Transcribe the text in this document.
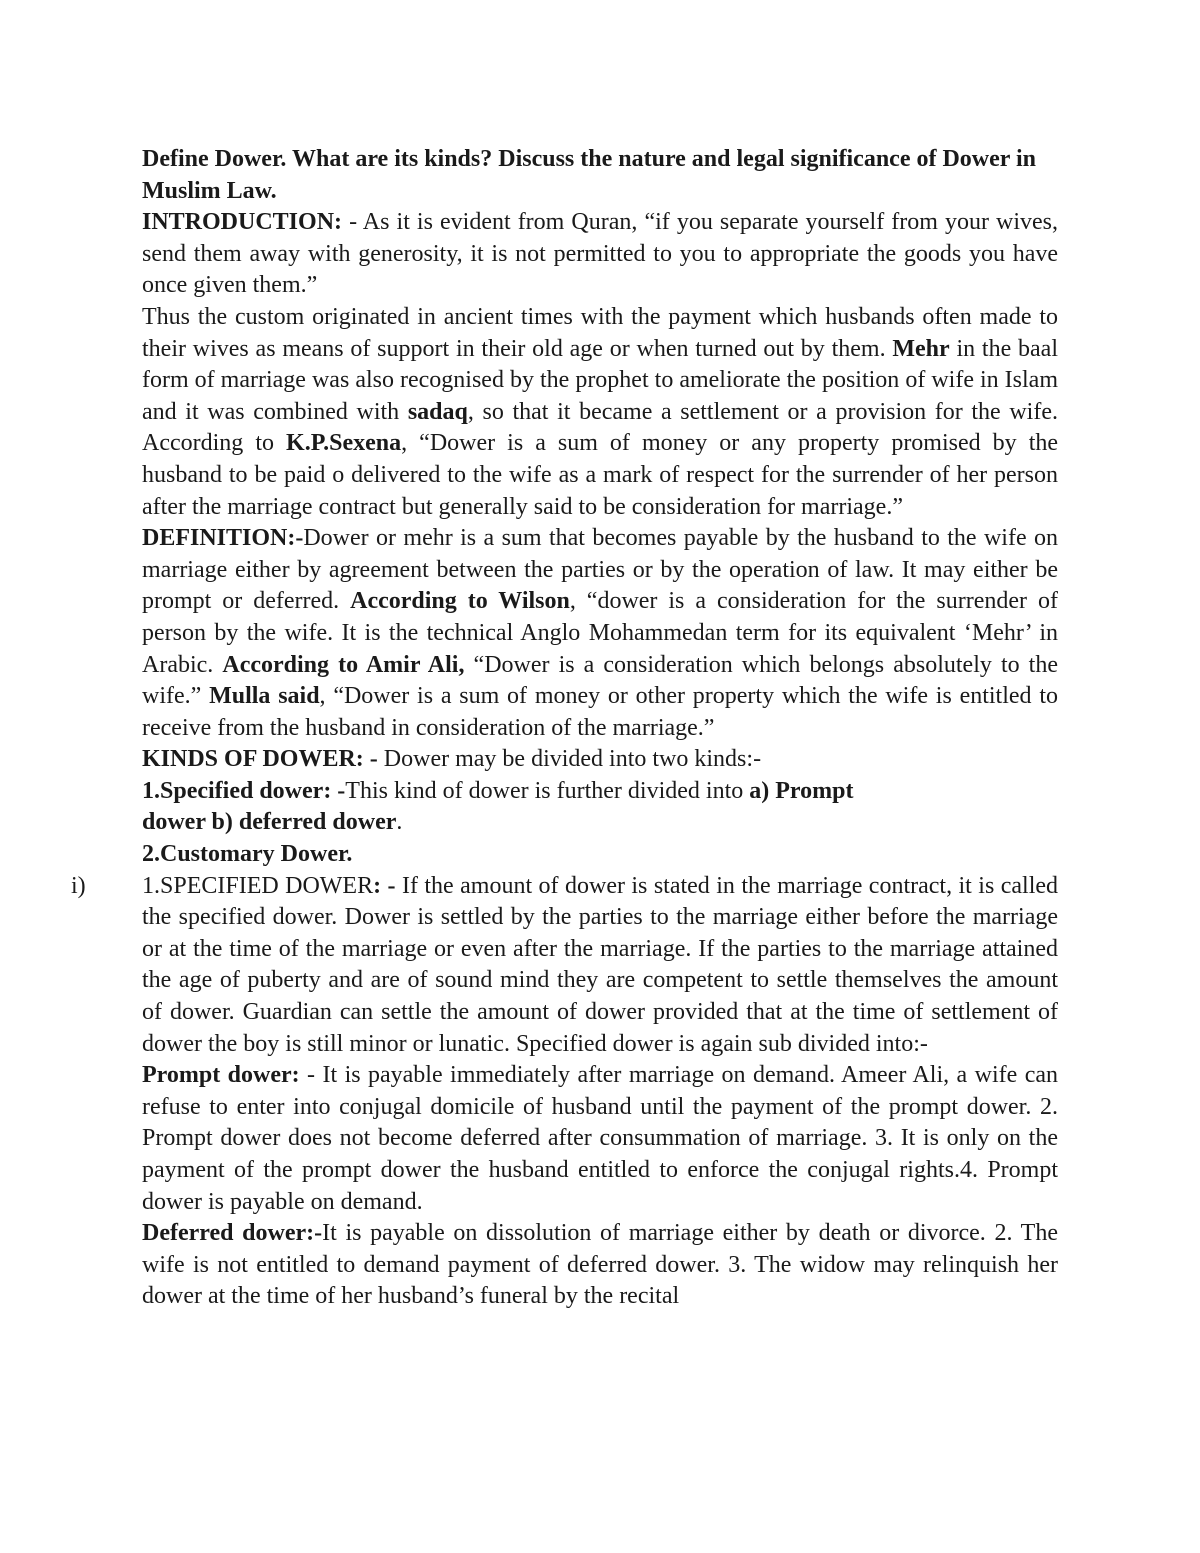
Define Dower. What are its kinds? Discuss the nature and legal significance of Dower in Muslim Law.

INTRODUCTION: - As it is evident from Quran, “if you separate yourself from your wives, send them away with generosity, it is not permitted to you to appropriate the goods you have once given them.”

Thus the custom originated in ancient times with the payment which husbands often made to their wives as means of support in their old age or when turned out by them. Mehr in the baal form of marriage was also recognised by the prophet to ameliorate the position of wife in Islam and it was combined with sadaq, so that it became a settlement or a provision for the wife. According to K.P.Sexena, “Dower is a sum of money or any property promised by the husband to be paid o delivered to the wife as a mark of respect for the surrender of her person after the marriage contract but generally said to be consideration for marriage.”

DEFINITION:-Dower or mehr is a sum that becomes payable by the husband to the wife on marriage either by agreement between the parties or by the operation of law. It may either be prompt or deferred. According to Wilson, “dower is a consideration for the surrender of person by the wife. It is the technical Anglo Mohammedan term for its equivalent ‘Mehr’ in Arabic. According to Amir Ali, “Dower is a consideration which belongs absolutely to the wife.” Mulla said, “Dower is a sum of money or other property which the wife is entitled to receive from the husband in consideration of the marriage.”

KINDS OF DOWER: - Dower may be divided into two kinds:-

1.Specified dower: -This kind of dower is further divided into a) Prompt
dower b) deferred dower.

2.Customary Dower.

i) 1.SPECIFIED DOWER: - If the amount of dower is stated in the marriage contract, it is called the specified dower. Dower is settled by the parties to the marriage either before the marriage or at the time of the marriage or even after the marriage. If the parties to the marriage attained the age of puberty and are of sound mind they are competent to settle themselves the amount of dower. Guardian can settle the amount of dower provided that at the time of settlement of dower the boy is still minor or lunatic. Specified dower is again sub divided into:-

Prompt dower: - It is payable immediately after marriage on demand. Ameer Ali, a wife can refuse to enter into conjugal domicile of husband until the payment of the prompt dower. 2. Prompt dower does not become deferred after consummation of marriage. 3. It is only on the payment of the prompt dower the husband entitled to enforce the conjugal rights.4. Prompt dower is payable on demand.

Deferred dower:-It is payable on dissolution of marriage either by death or divorce. 2. The wife is not entitled to demand payment of deferred dower. 3. The widow may relinquish her dower at the time of her husband’s funeral by the recital
